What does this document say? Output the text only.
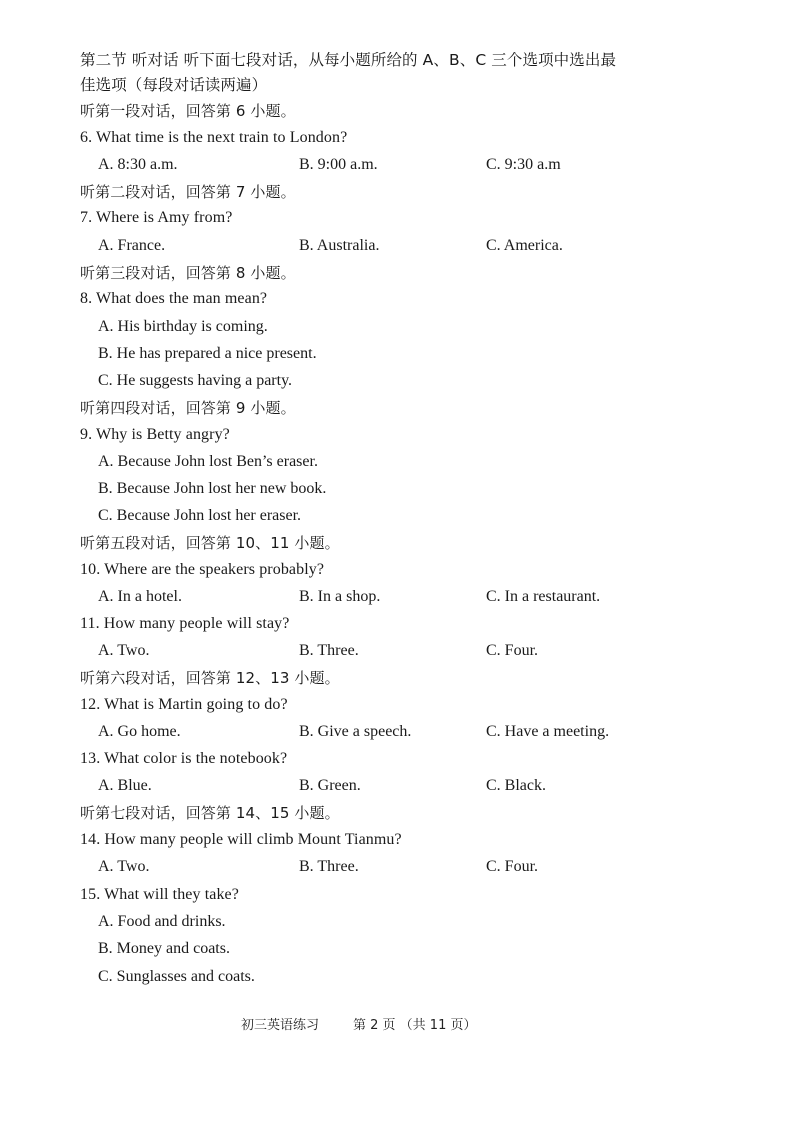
第二节 听对话 听下面七段对话，从每小题所给的 A、B、C 三个选项中选出最
佳选项（每段对话读两遍）
听第一段对话，回答第 6 小题。
6. What time is the next train to London?
A. 8:30 a.m.	B. 9:00 a.m.	C. 9:30 a.m
听第二段对话，回答第 7 小题。
7. Where is Amy from?
A. France.	B. Australia.	C. America.
听第三段对话，回答第 8 小题。
8. What does the man mean?
A. His birthday is coming.
B. He has prepared a nice present.
C. He suggests having a party.
听第四段对话，回答第 9 小题。
9. Why is Betty angry?
A. Because John lost Ben’s eraser.
B. Because John lost her new book.
C. Because John lost her eraser.
听第五段对话，回答第 10、11 小题。
10. Where are the speakers probably?
A. In a hotel.	B. In a shop.	C. In a restaurant.
11. How many people will stay?
A. Two.	B. Three.	C. Four.
听第六段对话，回答第 12、13 小题。
12. What is Martin going to do?
A. Go home.	B. Give a speech.	C. Have a meeting.
13. What color is the notebook?
A. Blue.	B. Green.	C. Black.
听第七段对话，回答第 14、15 小题。
14. How many people will climb Mount Tianmu?
A. Two.	B. Three.	C. Four.
15. What will they take?
A. Food and drinks.
B. Money and coats.
C. Sunglasses and coats.
初三英语练习	第 2 页 （共 11 页）
